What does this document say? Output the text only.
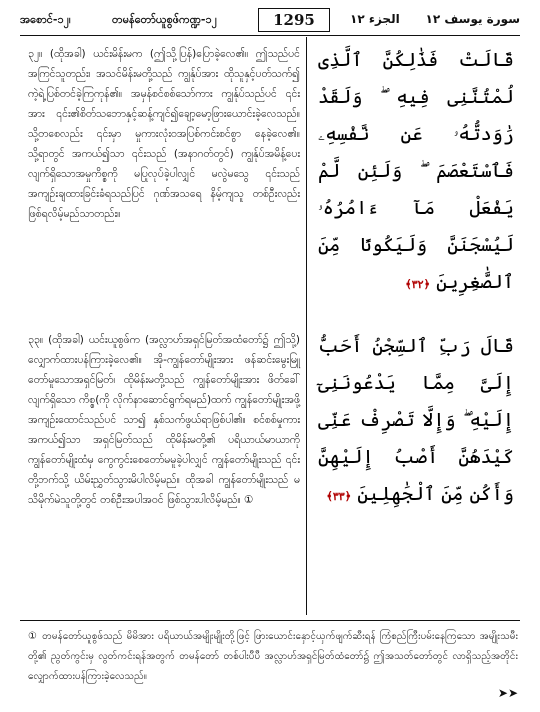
အစောင်-၁၂၊	တမန်တော်ယူစွဖ်ကဏ္ဍ-၁၂	1295	الجزء ١٢ سورة يوسف ١٢
၃၂။ (ထိုအခါ) ယင်းမိန်းမက (ဤသို့ပြန်)ပြောခဲ့လေ၏။ ဤသည်ပင် အကြင်သူတည်း၊ အသင်မိန်းမတို့သည် ကျွန်ုပ်အား ထိုသူနှင့်ပတ်သက်၍ ကဲ့ရဲ့ပြစ်တင်ခဲ့ကြကုန်၏။ အမှန်စင်စစ်သော်ကား ကျွန်ုပ်သည်ပင် ၎င်းအား ၎င်း၏စိတ်သဘောနှင့်ဆန့်ကျင်၍ချော့မော့ဖြားယောင်းခဲ့လေသည်။ သို့တစေလည်း ၎င်းမှာ မှုကားလုံးဝအပြစ်ကင်းစင်စွာ နေခဲ့လေ၏။ သို့ရာတွင် အကယ်၍သာ ၎င်းသည် (အနာဂတ်တွင်) ကျွန်ုပ်အမိန့်ပေးလျက်ရှိသောအမှုကိစ္စကို မပြုလုပ်ခဲ့ပါလျှင် မလွဲမသွေ ၎င်းသည် အကျဉ်းချထားခြင်းခံရသည်ပြင် ဂုဏ်အသရေ နိမ့်ကျသူ တစ်ဦးလည်း ဖြစ်ရလိမ့်မည်သာတည်း။
قَالَتْ فَذَٰلِكُنَّ ٱلَّذِى لُمْتُنَّنِى فِيهِ ۖ وَلَقَدْ رَٰوَدتُّهُۥ عَن نَّفْسِهِۦ فَٱسْتَعْصَمَ ۖ وَلَئِن لَّمْ يَفْعَلْ مَآ ءَامُرُهُۥ لَيُسْجَنَنَّ وَلَيَكُونًا مِّنَ ٱلصَّٰغِرِينَ ﴿٣٢﴾
၃၃။ (ထိုအခါ) ယင်းယူစွဖ်က (အလ္လာဟ်အရှင်မြတ်အထံတော်၌ ဤသို့) လျှောက်ထားပန်ကြားခဲ့လေ၏။ အို-ကျွန်တော်မျိုးအား ဖန်ဆင်းမွေးမြူတော်မူသောအရှင်မြတ်၊ ထိုမိန်းမတို့သည် ကျွန်တော်မျိုးအား ဖိတ်ခေါ်လျက်ရှိသော ကိစ္စ(ကို လိုက်နာဆောင်ရွက်ရမည်)ထက် ကျွန်တော်မျိုးအဖို့ အကျဉ်းထောင်သည်ပင် သာ၍ နှစ်သက်ဖွယ်ရာဖြစ်ပါ၏။ စင်စစ်မှုကားအကယ်၍သာ အရှင်မြတ်သည် ထိုမိန်းမတို့၏ ပရိယာယ်မာယာကို ကျွန်တော်မျိုးထံမှ ကွေကွင်းစေတော်မမူခဲ့ပါလျှင် ကျွန်တော်မျိုးသည် ၎င်းတို့ဘက်သို့ ယိမ်းညွှတ်သွားမိပါလိမ့်မည်။ ထိုအခါ ကျွန်တော်မျိုးသည် မသိမိုက်မဲသူတို့တွင် တစ်ဦးအပါအဝင် ဖြစ်သွားပါလိမ့်မည်။ ①
قَالَ رَبِّ ٱلسِّجْنُ أَحَبُّ إِلَىَّ مِمَّا يَدْعُونَنِىٓ إِلَيْهِ ۖ وَإِلَّا تَصْرِفْ عَنِّى كَيْدَهُنَّ أَصْبُ إِلَيْهِنَّ وَأَكُن مِّنَ ٱلْجَٰهِلِينَ ﴿٣٣﴾
① တမန်တော်ယူစွဖ်သည် မိမိအား ပရိယာယ်အမျိုးမျိုးတို့ဖြင့် ဖြားယောင်းနှောင့်ယှက်ဖျက်ဆီးရန် ကြံစည်ကြီးပမ်းနေကြသော အမျိုးသမီးတို့၏ ညွတ်ကွင်းမှ လွတ်ကင်းရန်အတွက် တမန်တော် တစ်ပါးပီပီ အလ္လာဟ်အရှင်မြတ်ထံတော်၌ ဤအသတ်တော်တွင် လာရှိသည့်အတိုင်း လျှောက်ထားပန်ကြားခဲ့လေသည်။
➤➤
